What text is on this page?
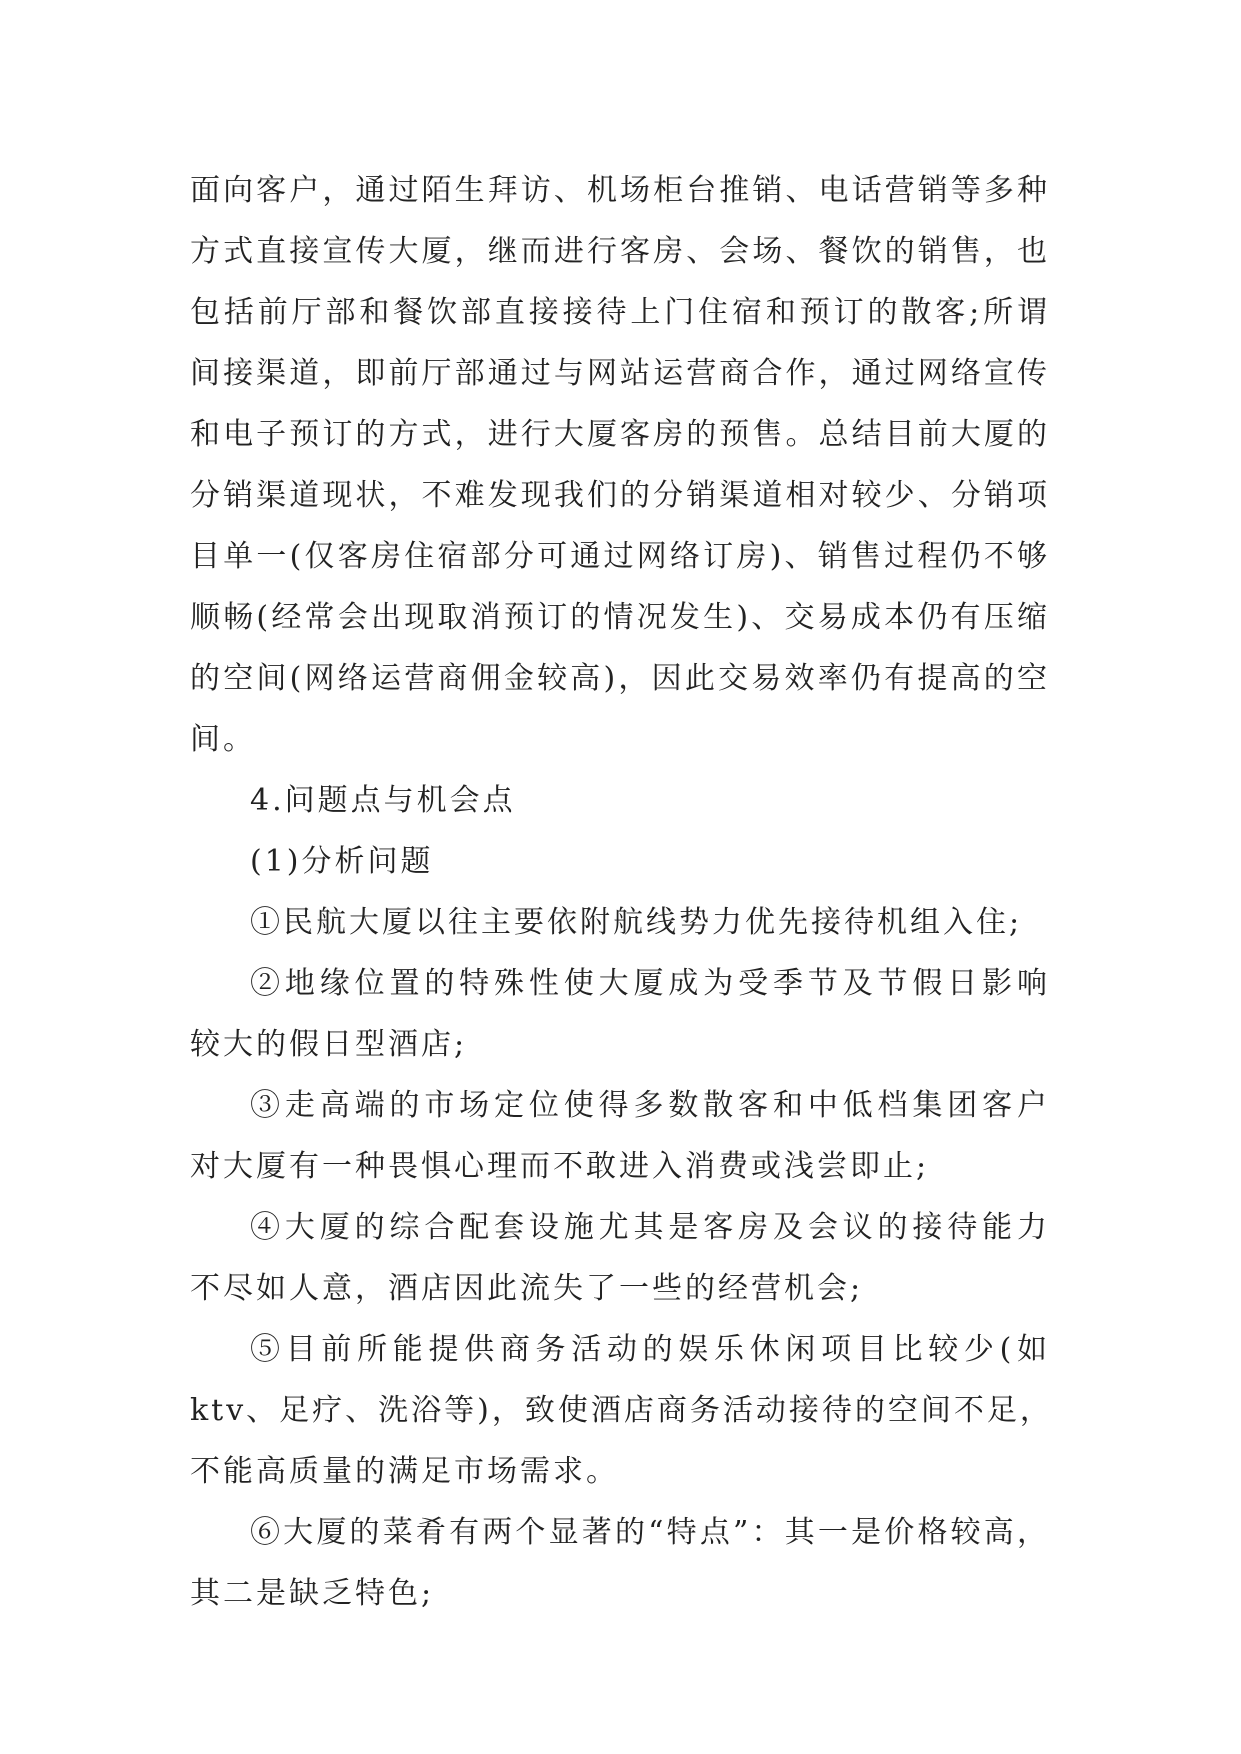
面向客户，通过陌生拜访、机场柜台推销、电话营销等多种
方式直接宣传大厦，继而进行客房、会场、餐饮的销售，也
包括前厅部和餐饮部直接接待上门住宿和预订的散客;所谓
间接渠道，即前厅部通过与网站运营商合作，通过网络宣传
和电子预订的方式，进行大厦客房的预售。总结目前大厦的
分销渠道现状，不难发现我们的分销渠道相对较少、分销项
目单一(仅客房住宿部分可通过网络订房)、销售过程仍不够
顺畅(经常会出现取消预订的情况发生)、交易成本仍有压缩
的空间(网络运营商佣金较高)，因此交易效率仍有提高的空
间。
4.问题点与机会点
(1)分析问题
①民航大厦以往主要依附航线势力优先接待机组入住;
②地缘位置的特殊性使大厦成为受季节及节假日影响
较大的假日型酒店;
③走高端的市场定位使得多数散客和中低档集团客户
对大厦有一种畏惧心理而不敢进入消费或浅尝即止;
④大厦的综合配套设施尤其是客房及会议的接待能力
不尽如人意，酒店因此流失了一些的经营机会;
⑤目前所能提供商务活动的娱乐休闲项目比较少(如
ktv、足疗、洗浴等)，致使酒店商务活动接待的空间不足，
不能高质量的满足市场需求。
⑥大厦的菜肴有两个显著的“特点”：其一是价格较高，
其二是缺乏特色;
